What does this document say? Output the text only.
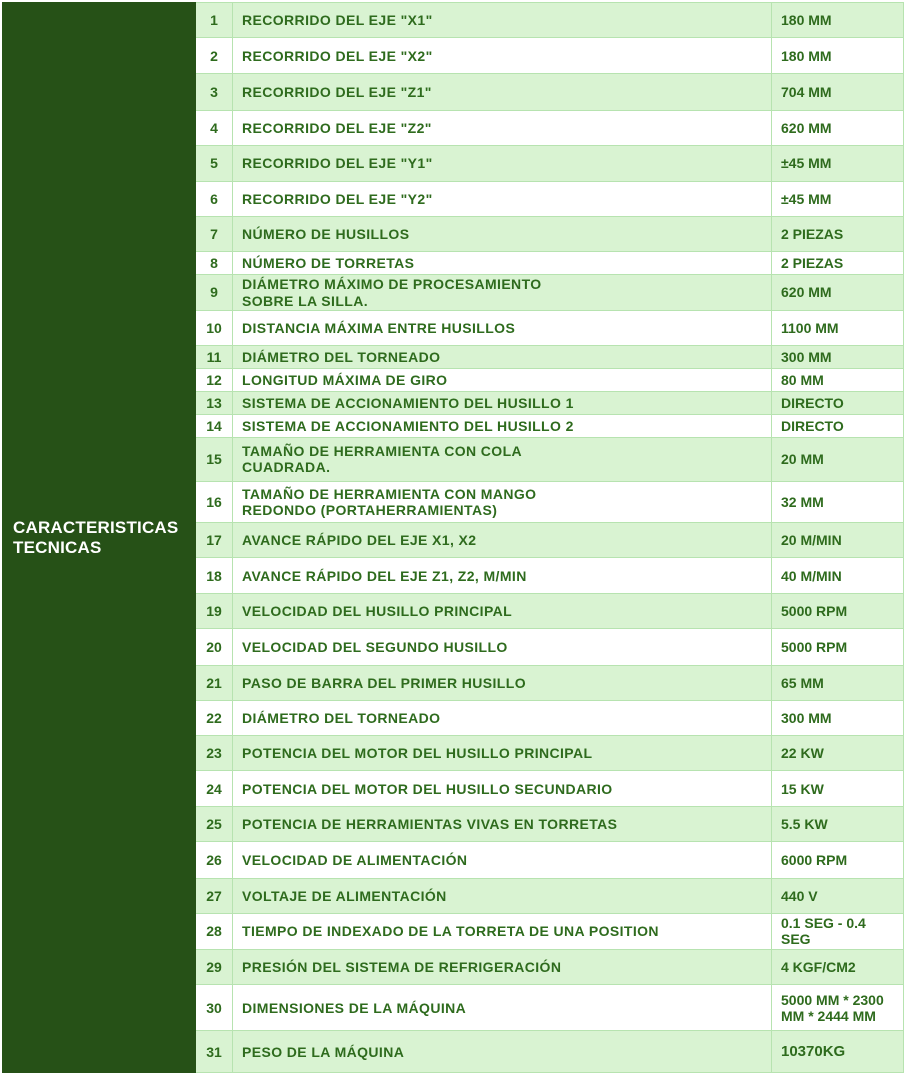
CARACTERISTICAS TECNICAS	1	RECORRIDO DEL EJE "X1"	180 MM

	2	RECORRIDO DEL EJE "X2"	180 MM

	3	RECORRIDO DEL EJE "Z1"	704 MM

	4	RECORRIDO DEL EJE "Z2"	620 MM

	5	RECORRIDO DEL EJE "Y1"	±45 MM

	6	RECORRIDO DEL EJE "Y2"	±45 MM

	7	NÚMERO DE HUSILLOS	2 PIEZAS

	8	NÚMERO DE TORRETAS	2 PIEZAS

	9	DIÁMETRO MÁXIMO DE PROCESAMIENTO SOBRE LA SILLA.	620 MM

	10	DISTANCIA MÁXIMA ENTRE HUSILLOS	1100 MM

	11	DIÁMETRO DEL TORNEADO	300 MM

	12	LONGITUD MÁXIMA DE GIRO	80 MM

	13	SISTEMA DE ACCIONAMIENTO DEL HUSILLO 1	DIRECTO

	14	SISTEMA DE ACCIONAMIENTO DEL HUSILLO 2	DIRECTO

	15	TAMAÑO DE HERRAMIENTA CON COLA CUADRADA.	20 MM

	16	TAMAÑO DE HERRAMIENTA CON MANGO REDONDO (PORTAHERRAMIENTAS)	32 MM

	17	AVANCE RÁPIDO DEL EJE X1, X2	20 M/MIN

	18	AVANCE RÁPIDO DEL EJE Z1, Z2, M/MIN	40 M/MIN

	19	VELOCIDAD DEL HUSILLO PRINCIPAL	5000 RPM

	20	VELOCIDAD DEL SEGUNDO HUSILLO	5000 RPM

	21	PASO DE BARRA DEL PRIMER HUSILLO	65 MM

	22	DIÁMETRO DEL TORNEADO	300 MM

	23	POTENCIA DEL MOTOR DEL HUSILLO PRINCIPAL	22 KW

	24	POTENCIA DEL MOTOR DEL HUSILLO SECUNDARIO	15 KW

	25	POTENCIA DE HERRAMIENTAS VIVAS EN TORRETAS	5.5 KW

	26	VELOCIDAD DE ALIMENTACIÓN	6000 RPM

	27	VOLTAJE DE ALIMENTACIÓN	440 V

	28	TIEMPO DE INDEXADO DE LA TORRETA DE UNA POSITION	0.1 SEG - 0.4 SEG

	29	PRESIÓN DEL SISTEMA DE REFRIGERACIÓN	4 KGF/CM2

	30	DIMENSIONES DE LA MÁQUINA	5000 MM * 2300 MM * 2444 MM

	31	PESO DE LA MÁQUINA	10370KG
